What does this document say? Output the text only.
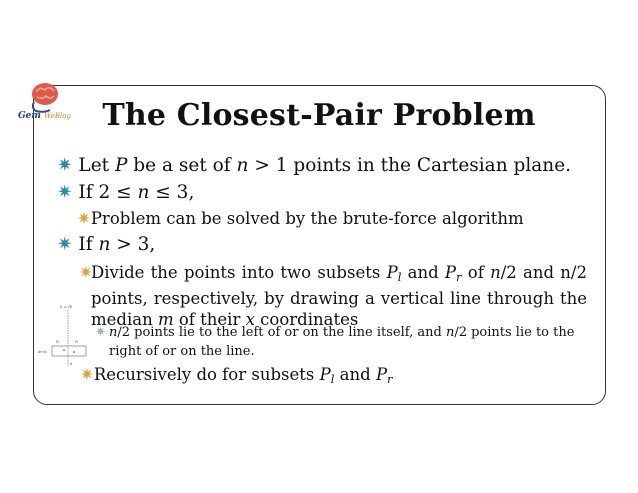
Gem WeBlog	The Closest-Pair Problem
✷ Let P be a set of n > 1 points in the Cartesian plane.
✷ If 2 ≤ n ≤ 3,
✷Problem can be solved by the brute-force algorithm
✷ If n > 3,
✷
Divide the points into two subsets $P_l$ and $P_r$ of n/2 and n/2 points, respectively, by drawing a vertical line through the median m of their x coordinates
✷ n/2 points lie to the left of or on the line itself, and n/2 points lie to the right of or on the line.
✷Recursively do for subsets $P_l$ and $P_r$
x = m
Pl	Pr
dmin
d
